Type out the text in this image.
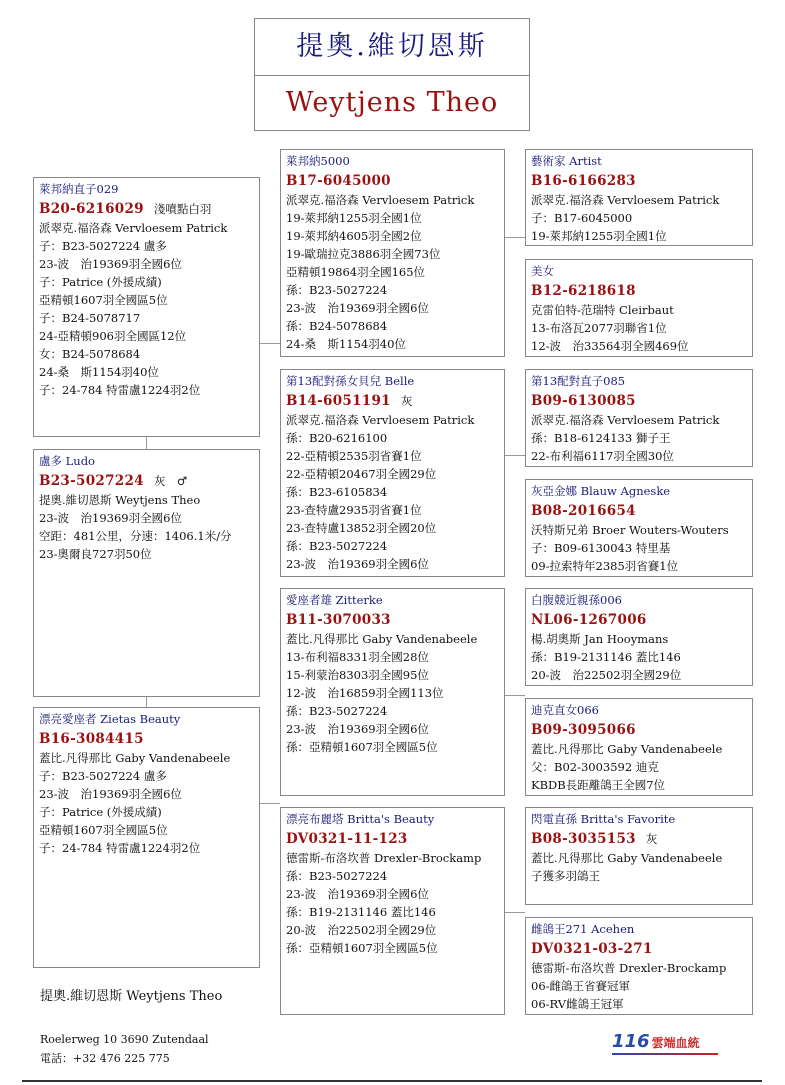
提奧.維切恩斯
Weytjens Theo
萊邦納直子029
B20-6216029 淺噴點白羽
派翠克.福洛森 Vervloesem Patrick
子：B23-5027224 盧多
23-波　治19369羽全國6位
子：Patrice (外援成績)
亞精頓1607羽全國區5位
子：B24-5078717
24-亞精頓906羽全國區12位
女：B24-5078684
24-桑　斯1154羽40位
子：24-784 特雷盧1224羽2位
盧多 Ludo
B23-5027224 灰　♂
提奧.維切恩斯 Weytjens Theo
23-波　治19369羽全國6位
空距：481公里，分速：1406.1米/分
23-奧爾良727羽50位
漂亮愛座者 Zietas Beauty
B16-3084415
蓋比.凡得那比 Gaby Vandenabeele
子：B23-5027224 盧多
23-波　治19369羽全國6位
子：Patrice (外援成績)
亞精頓1607羽全國區5位
子：24-784 特雷盧1224羽2位
萊邦納5000
B17-6045000
派翠克.福洛森 Vervloesem Patrick
19-萊邦納1255羽全國1位
19-萊邦納4605羽全國2位
19-歐瑞拉克3886羽全國73位
亞精頓19864羽全國165位
孫：B23-5027224
23-波　治19369羽全國6位
孫：B24-5078684
24-桑　斯1154羽40位
第13配對孫女貝兒 Belle
B14-6051191 灰
派翠克.福洛森 Vervloesem Patrick
孫：B20-6216100
22-亞精頓2535羽省賽1位
22-亞精頓20467羽全國29位
孫：B23-6105834
23-查特盧2935羽省賽1位
23-查特盧13852羽全國20位
孫：B23-5027224
23-波　治19369羽全國6位
愛座者雄 Zitterke
B11-3070033
蓋比.凡得那比 Gaby Vandenabeele
13-布利福8331羽全國28位
15-利蒙治8303羽全國95位
12-波　治16859羽全國113位
孫：B23-5027224
23-波　治19369羽全國6位
孫：亞精頓1607羽全國區5位
漂亮布麗塔 Britta's Beauty
DV0321-11-123
德雷斯-布洛坎普 Drexler-Brockamp
孫：B23-5027224
23-波　治19369羽全國6位
孫：B19-2131146 蓋比146
20-波　治22502羽全國29位
孫：亞精頓1607羽全國區5位
藝術家 Artist
B16-6166283
派翠克.福洛森 Vervloesem Patrick
子：B17-6045000
19-萊邦納1255羽全國1位
美女
B12-6218618
克雷伯特-范瑞特 Cleirbaut
13-布洛瓦2077羽聯省1位
12-波　治33564羽全國469位
第13配對直子085
B09-6130085
派翠克.福洛森 Vervloesem Patrick
孫：B18-6124133 獅子王
22-布利福6117羽全國30位
灰亞金娜 Blauw Agneske
B08-2016654
沃特斯兄弟 Broer Wouters-Wouters
子：B09-6130043 特里基
09-拉索特年2385羽省賽1位
白腹競近親孫006
NL06-1267006
楊.胡奧斯 Jan Hooymans
孫：B19-2131146 蓋比146
20-波　治22502羽全國29位
迪克直女066
B09-3095066
蓋比.凡得那比 Gaby Vandenabeele
父：B02-3003592 迪克
KBDB長距離鴿王全國7位
閃電直孫 Britta's Favorite
B08-3035153 灰
蓋比.凡得那比 Gaby Vandenabeele
子獲多羽鴿王
雌鴿王271 Acehen
DV0321-03-271
德雷斯-布洛坎普 Drexler-Brockamp
06-雌鴿王省賽冠軍
06-RV雌鴿王冠軍
提奧.維切恩斯 Weytjens Theo
Roelerweg 10 3690 Zutendaal
電話：+32 476 225 775
116 雲端血統
